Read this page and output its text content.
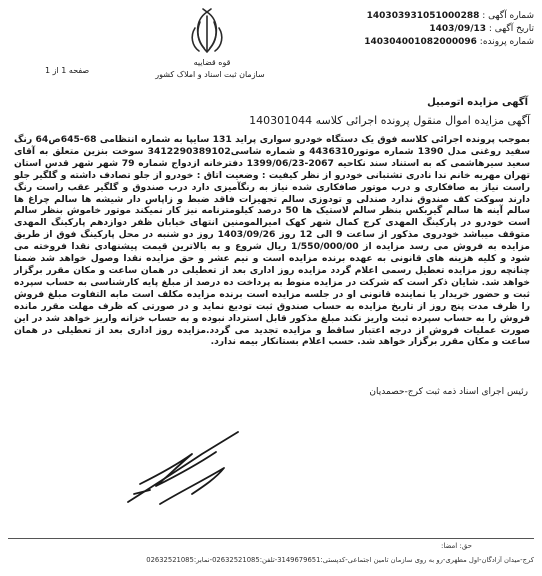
شماره آگهی : 140303931051000288
تاریخ آگهی : 1403/09/13
شماره پرونده: 140304001082000096
قوه قضاییه
سازمان ثبت اسناد و املاک کشور
صفحه 1 از 1
آگهی مزایده اتومبیل
آگهی مزایده اموال منقول پرونده اجرائی کلاسه 140301044

بموجب پرونده اجرائی کلاسه فوق یک دستگاه خودرو سواری پراید 131 سایپا به شماره انتظامی 68-645ص64 رنگ سفید روغنی مدل 1390 شماره موتور4436310 و شماره شاسی3412290389102 سوخت بنزین متعلق به آقای سعید سیرهاشمی که به استناد سند نکاحیه 2067-1399/06/23 دفترخانه ازدواج شماره 79 شهر شهر قدس استان تهران مهریه خانم ندا نادری تشتبانی خودرو از نظر کیفیت : وضعیت اتاق : خودرو از جلو تصادف داشته و گلگیر جلو راست نیاز به صافکاری و درب موتور صافکاری شده نیاز به رنگآمیزی دارد درب صندوق و گلگیر عقب راست رنگ دارند سوکت کف صندوق ندارد صندلی و تودوزی سالم تجهیزات فاقد ضبط و زاپاس دار شیشه ها سالم چراغ ها سالم آینه ها سالم گیربکس بنظر سالم لاستیک ها 50 درصد کیلومترنامه نیز کار نمیکند موتور خاموش بنظر سالم است خودرو در پارکینگ المهدی کرج کمال شهر کهک امیرالمومنین انتهای خیابان ظفر دوازدهم پارکینگ المهدی متوقف میباشد خودروی مذکور از ساعت 9 الی 12 روز 1403/09/26 روز دو شنبه در محل پارکینگ فوق از طریق مزایده به فروش می رسد مزایده از 1/550/000/00 ریال شروع و به بالاترین قیمت پیشنهادی نقدا فروخته می شود و کلیه هزینه های قانونی به عهده برنده مزایده است و نیم عشر و حق مزایده نقدا وصول خواهد شد ضمنا چنانچه روز مزایده تعطیل رسمی اعلام گردد مزایده روز اداری بعد از تعطیلی در همان ساعت و مکان مقرر برگزار خواهد شد. شایان ذکر است که شرکت در مزایده منوط به پرداخت ده درصد از مبلغ پایه کارشناسی به حساب سپرده ثبت و حضور خریدار یا نماینده قانونی او در جلسه مزایده است برنده مزایده مکلف است مابه التفاوت مبلغ فروش را ظرف مدت پنج روز از تاریخ مزایده به حساب صندوق ثبت تودیع نماید و در صورتی که ظرف مهلت مقرر مانده فروش را به حساب سپرده ثبت واریز نکند مبلغ مذکور قابل استرداد نبوده و به حساب خزانه واریز خواهد شد در این صورت عملیات فروش از درجه اعتبار ساقط و مزایده تجدید می گردد.مزایده روز اداری بعد از تعطیلی در همان ساعت و مکان مقرر برگزار خواهد شد. حسب اعلام بستانکار بیمه ندارد.

رئیس اجرای اسناد ذمه ثبت کرج-حصمدیان
حق: امضا:
کرج-میدان آزادگان-اول مطهری-رو به روی سازمان تامین اجتماعی-کدپستی:3149679651-تلفن:02632521085-نمابر:02632521085
